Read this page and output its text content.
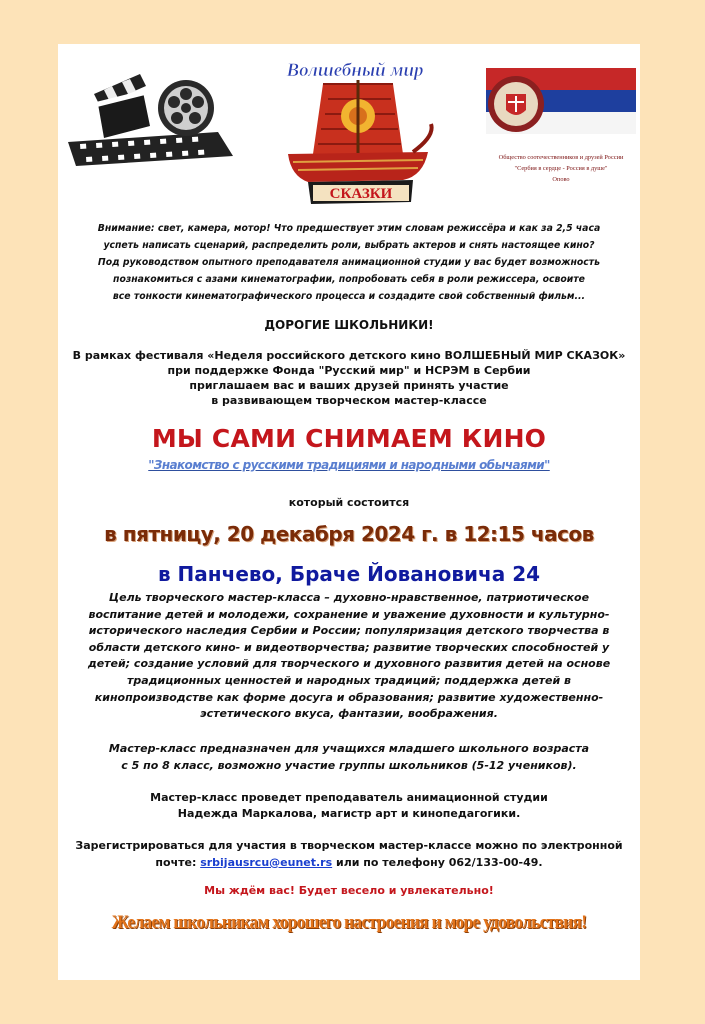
Волшебный мир
СКАЗКИ
Общество соотечественников и друзей России
"Сербия в сердце - Россия в душе"
Опово
Внимание: свет, камера, мотор! Что предшествует этим словам режиссёра и как за 2,5 часа
успеть написать сценарий, распределить роли, выбрать актеров и снять настоящее кино?
Под руководством опытного преподавателя анимационной студии у вас будет возможность
познакомиться с азами кинематографии, попробовать себя в роли режиссера, освоите
все тонкости кинематографического процесса и создадите свой собственный фильм...
ДОРОГИЕ ШКОЛЬНИКИ!
В рамках фестиваля «Неделя российского детского кино ВОЛШЕБНЫЙ МИР СКАЗОК»
при поддержке Фонда "Русский мир" и НСРЭМ в Сербии
приглашаем вас и ваших друзей принять участие
в развивающем творческом мастер-классе
МЫ САМИ СНИМАЕМ КИНО
"Знакомство с русскими традициями и народными обычаями"
который состоится
в пятницу, 20 декабря 2024 г. в 12:15 часов
в Панчево, Браче Йовановича 24
Цель творческого мастер-класса – духовно-нравственное, патриотическое
воспитание детей и молодежи, сохранение и уважение духовности и культурно-
исторического наследия Сербии и России; популяризация детского творчества в
области детского кино- и видеотворчества; развитие творческих способностей у
детей; создание условий для творческого и духовного развития детей на основе
традиционных ценностей и народных традиций; поддержка детей в
кинопроизводстве как форме досуга и образования; развитие художественно-
эстетического вкуса, фантазии, воображения.
Мастер-класс предназначен для учащихся младшего школьного возраста
с 5 по 8 класс, возможно участие группы школьников (5-12 учеников).
Мастер-класс проведет преподаватель анимационной студии
Надежда Маркалова, магистр арт и кинопедагогики.
Зарегистрироваться для участия в творческом мастер-классе можно по электронной
почте: srbijausrcu@eunet.rs или по телефону 062/133-00-49.
Мы ждём вас! Будет весело и увлекательно!
Желаем школьникам хорошего настроения и море удовольствия!
